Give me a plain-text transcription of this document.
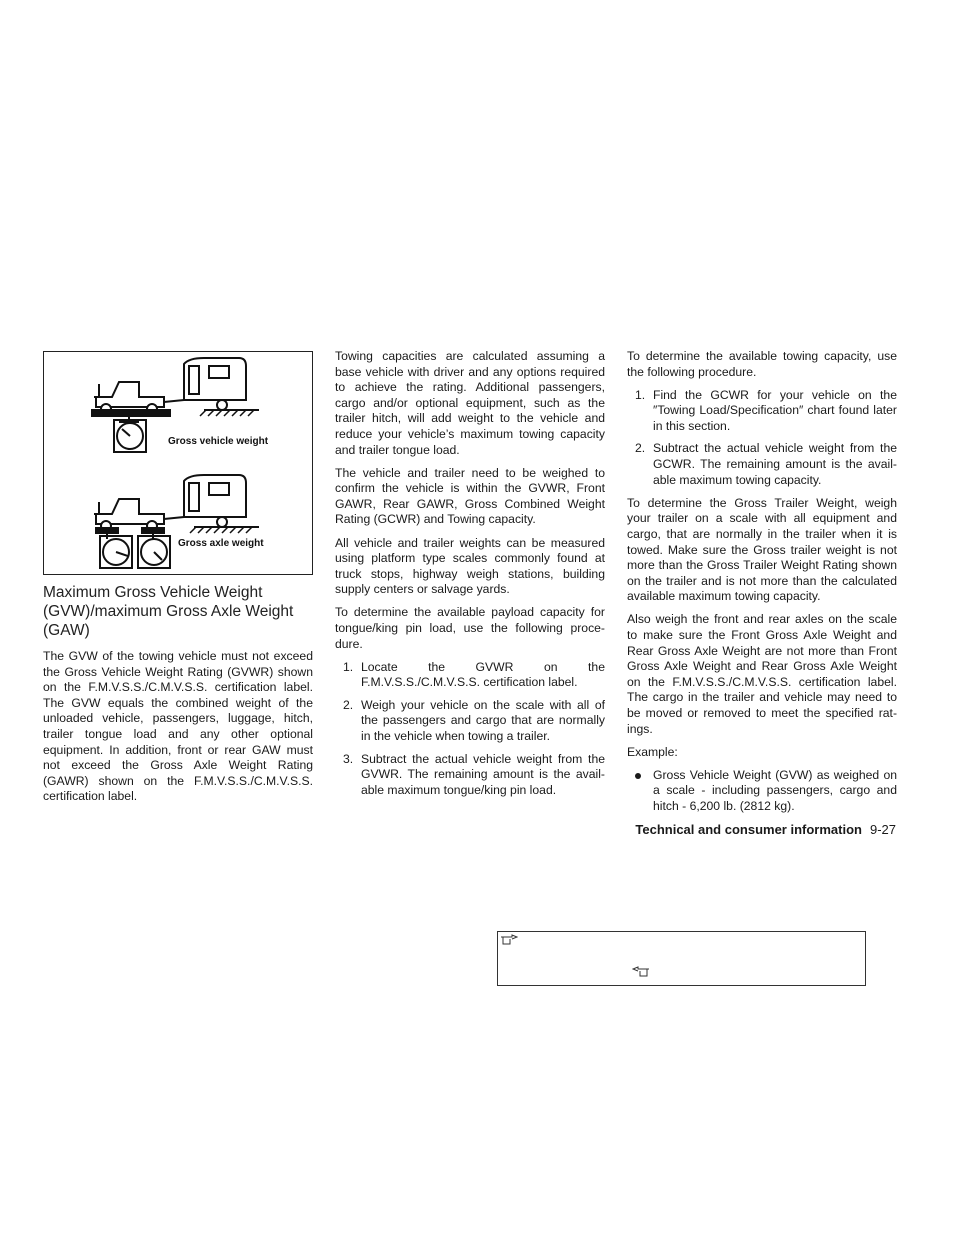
Gross vehicle weight
Gross axle weight
Maximum Gross Vehicle Weight (GVW)/maximum Gross Axle Weight (GAW)

The GVW of the towing vehicle must not exceed the Gross Vehicle Weight Rating (GVWR) shown on the F.M.V.S.S./C.M.V.S.S. certification label. The GVW equals the combined weight of the unloaded vehicle, passengers, luggage, hitch, trailer tongue load and any other optional equipment. In addition, front or rear GAW must not exceed the Gross Axle Weight Rating (GAWR) shown on the F.M.V.S.S./C.M.V.S.S. certification label.

Towing capacities are calculated assuming a base vehicle with driver and any options required to achieve the rating. Additional passengers, cargo and/or optional equipment, such as the trailer hitch, will add weight to the vehicle and reduce your vehicle’s maximum towing capacity and trailer tongue load.

The vehicle and trailer need to be weighed to confirm the vehicle is within the GVWR, Front GAWR, Rear GAWR, Gross Combined Weight Rating (GCWR) and Towing capacity.

All vehicle and trailer weights can be measured using platform type scales commonly found at truck stops, highway weigh stations, building supply centers or salvage yards.

To determine the available payload capacity for tongue/king pin load, use the following proce-dure.

1. Locate the GVWR on the F.M.V.S.S./C.M.V.S.S. certification label.
2. Weigh your vehicle on the scale with all of the passengers and cargo that are normally in the vehicle when towing a trailer.
3. Subtract the actual vehicle weight from the GVWR. The remaining amount is the avail-able maximum tongue/king pin load.

To determine the available towing capacity, use the following procedure.

1. Find the GCWR for your vehicle on the ″Towing Load/Specification″ chart found later in this section.
2. Subtract the actual vehicle weight from the GCWR. The remaining amount is the avail-able maximum towing capacity.

To determine the Gross Trailer Weight, weigh your trailer on a scale with all equipment and cargo, that are normally in the trailer when it is towed. Make sure the Gross trailer weight is not more than the Gross Trailer Weight Rating shown on the trailer and is not more than the calculated available maximum towing capacity.

Also weigh the front and rear axles on the scale to make sure the Front Gross Axle Weight and Rear Gross Axle Weight are not more than Front Gross Axle Weight and Rear Gross Axle Weight on the F.M.V.S.S./C.M.V.S.S. certification label. The cargo in the trailer and vehicle may need to be moved or removed to meet the specified rat-ings.

Example:

Gross Vehicle Weight (GVW) as weighed on a scale - including passengers, cargo and hitch - 6,200 lb. (2812 kg).
Technical and consumer information 9-27
